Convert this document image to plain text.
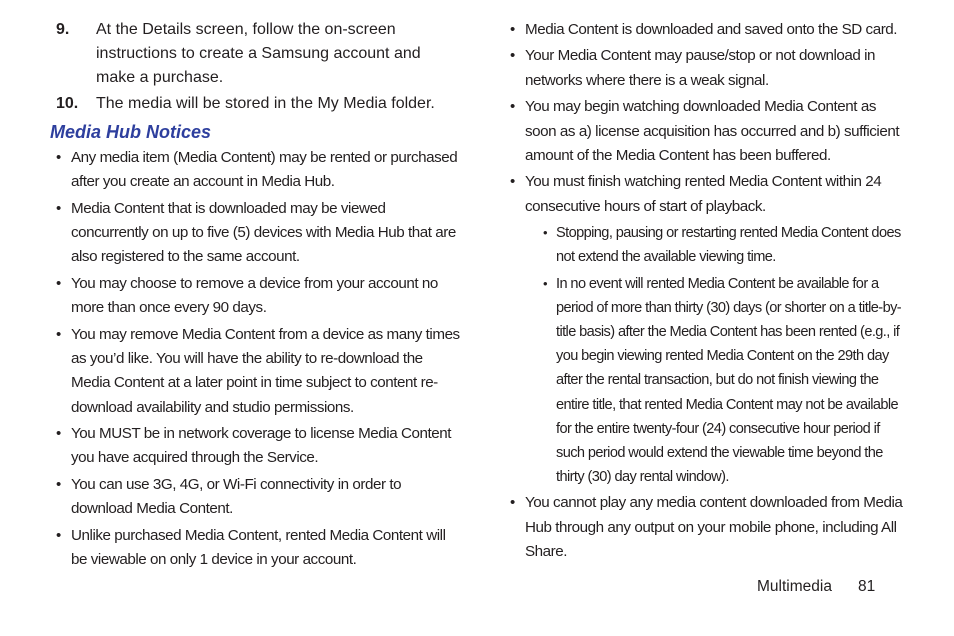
9.	At the Details screen, follow the on-screen instructions to create a Samsung account and make a purchase.
10.	The media will be stored in the My Media folder.
Media Hub Notices
• Any media item (Media Content) may be rented or purchased after you create an account in Media Hub.
• Media Content that is downloaded may be viewed concurrently on up to five (5) devices with Media Hub that are also registered to the same account.
• You may choose to remove a device from your account no more than once every 90 days.
• You may remove Media Content from a device as many times as you’d like. You will have the ability to re-download the Media Content at a later point in time subject to content re-download availability and studio permissions.
• You MUST be in network coverage to license Media Content you have acquired through the Service.
• You can use 3G, 4G, or Wi-Fi connectivity in order to download Media Content.
• Unlike purchased Media Content, rented Media Content will be viewable on only 1 device in your account.
• Media Content is downloaded and saved onto the SD card.
• Your Media Content may pause/stop or not download in networks where there is a weak signal.
• You may begin watching downloaded Media Content as soon as a) license acquisition has occurred and b) sufficient amount of the Media Content has been buffered.
• You must finish watching rented Media Content within 24 consecutive hours of start of playback.
• Stopping, pausing or restarting rented Media Content does not extend the available viewing time.
• In no event will rented Media Content be available for a period of more than thirty (30) days (or shorter on a title-by-title basis) after the Media Content has been rented (e.g., if you begin viewing rented Media Content on the 29th day after the rental transaction, but do not finish viewing the entire title, that rented Media Content may not be available for the entire twenty-four (24) consecutive hour period if such period would extend the viewable time beyond the thirty (30) day rental window).
• You cannot play any media content downloaded from Media Hub through any output on your mobile phone, including All Share.
Multimedia 81
